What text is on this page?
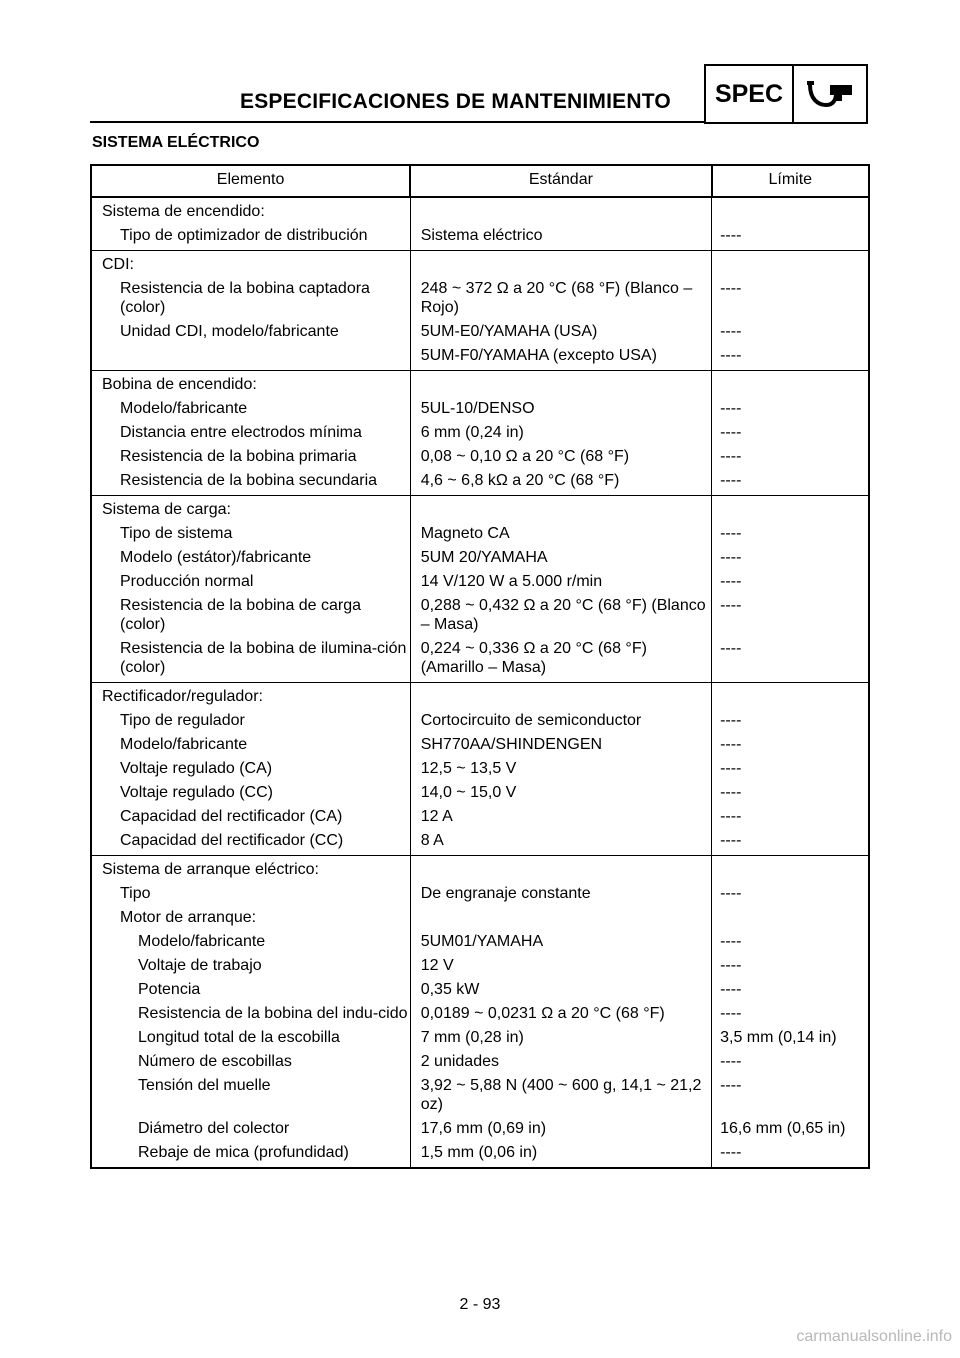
ESPECIFICACIONES DE MANTENIMIENTO	SPEC
SISTEMA ELÉCTRICO
Elemento	Estándar	Límite
Sistema de encendido:		
Tipo de optimizador de distribución	Sistema eléctrico	----
CDI:		
Resistencia de la bobina captadora (color)	248 ~ 372 Ω a 20 °C (68 °F) (Blanco – Rojo)	----
Unidad CDI, modelo/fabricante	5UM-E0/YAMAHA (USA)	----
	5UM-F0/YAMAHA (excepto USA)	----
Bobina de encendido:		
Modelo/fabricante	5UL-10/DENSO	----
Distancia entre electrodos mínima	6 mm (0,24 in)	----
Resistencia de la bobina primaria	0,08 ~ 0,10 Ω a 20 °C (68 °F)	----
Resistencia de la bobina secundaria	4,6 ~ 6,8 kΩ a 20 °C (68 °F)	----
Sistema de carga:		
Tipo de sistema	Magneto CA	----
Modelo (estátor)/fabricante	5UM 20/YAMAHA	----
Producción normal	14 V/120 W a 5.000 r/min	----
Resistencia de la bobina de carga (color)	0,288 ~ 0,432 Ω a 20 °C (68 °F) (Blanco – Masa)	----
Resistencia de la bobina de ilumina-ción (color)	0,224 ~ 0,336 Ω a 20 °C (68 °F) (Amarillo – Masa)	----
Rectificador/regulador:		
Tipo de regulador	Cortocircuito de semiconductor	----
Modelo/fabricante	SH770AA/SHINDENGEN	----
Voltaje regulado (CA)	12,5 ~ 13,5 V	----
Voltaje regulado (CC)	14,0 ~ 15,0 V	----
Capacidad del rectificador (CA)	12 A	----
Capacidad del rectificador (CC)	8 A	----
Sistema de arranque eléctrico:		
Tipo	De engranaje constante	----
Motor de arranque:		
Modelo/fabricante	5UM01/YAMAHA	----
Voltaje de trabajo	12 V	----
Potencia	0,35 kW	----
Resistencia de la bobina del indu-cido	0,0189 ~ 0,0231 Ω a 20 °C (68 °F)	----
Longitud total de la escobilla	7 mm (0,28 in)	3,5 mm (0,14 in)
Número de escobillas	2 unidades	----
Tensión del muelle	3,92 ~ 5,88 N (400 ~ 600 g, 14,1 ~ 21,2 oz)	----
Diámetro del colector	17,6 mm (0,69 in)	16,6 mm (0,65 in)
Rebaje de mica (profundidad)	1,5 mm (0,06 in)	----
2 - 93
carmanualsonline.info
